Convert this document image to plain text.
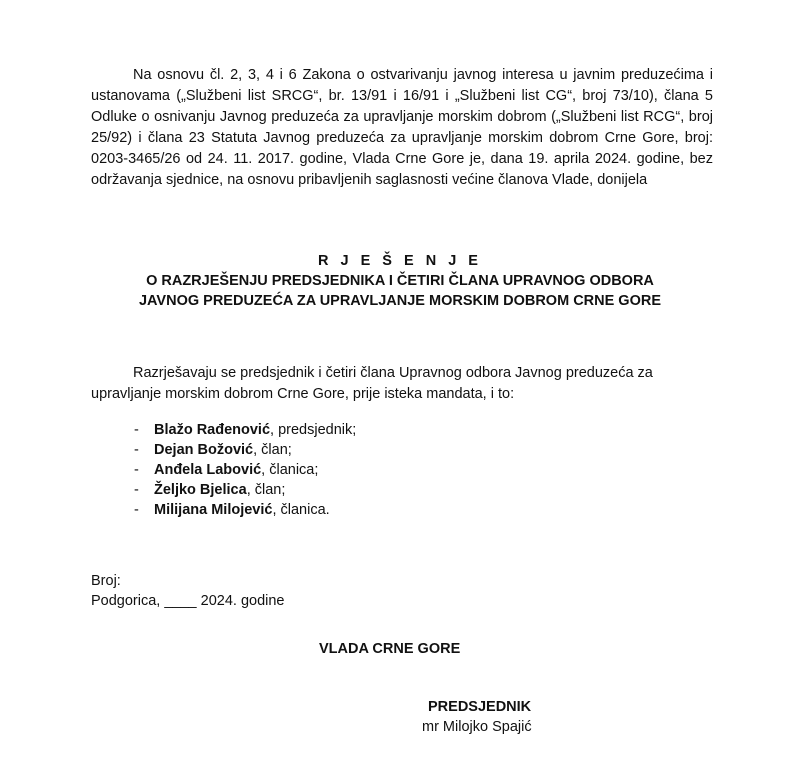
Na osnovu čl. 2, 3, 4 i 6 Zakona o ostvarivanju javnog interesa u javnim preduzećima i ustanovama („Službeni list SRCG“, br. 13/91 i 16/91 i „Službeni list CG“, broj 73/10), člana 5 Odluke o osnivanju Javnog preduzeća za upravljanje morskim dobrom („Službeni list RCG“, broj 25/92) i člana 23 Statuta Javnog preduzeća za upravljanje morskim dobrom Crne Gore, broj: 0203-3465/26 od 24. 11. 2017. godine, Vlada Crne Gore je, dana 19. aprila 2024. godine, bez održavanja sjednice, na osnovu pribavljenih saglasnosti većine članova Vlade, donijela

R J E Š E N J E
O RAZRJEŠENJU PREDSJEDNIKA I ČETIRI ČLANA UPRAVNOG ODBORA
JAVNOG PREDUZEĆA ZA UPRAVLJANJE MORSKIM DOBROM CRNE GORE

Razrješavaju se predsjednik i četiri člana Upravnog odbora Javnog preduzeća za upravljanje morskim dobrom Crne Gore, prije isteka mandata, i to:

-	Blažo Rađenović , predsjednik;
-	Dejan Božović , član;
-	Anđela Labović , članica;
-	Željko Bjelica , član;
-	Milijana Milojević , članica.
Broj:
Podgorica, ____ 2024. godine
VLADA CRNE GORE
PREDSJEDNIK
mr Milojko Spajić
